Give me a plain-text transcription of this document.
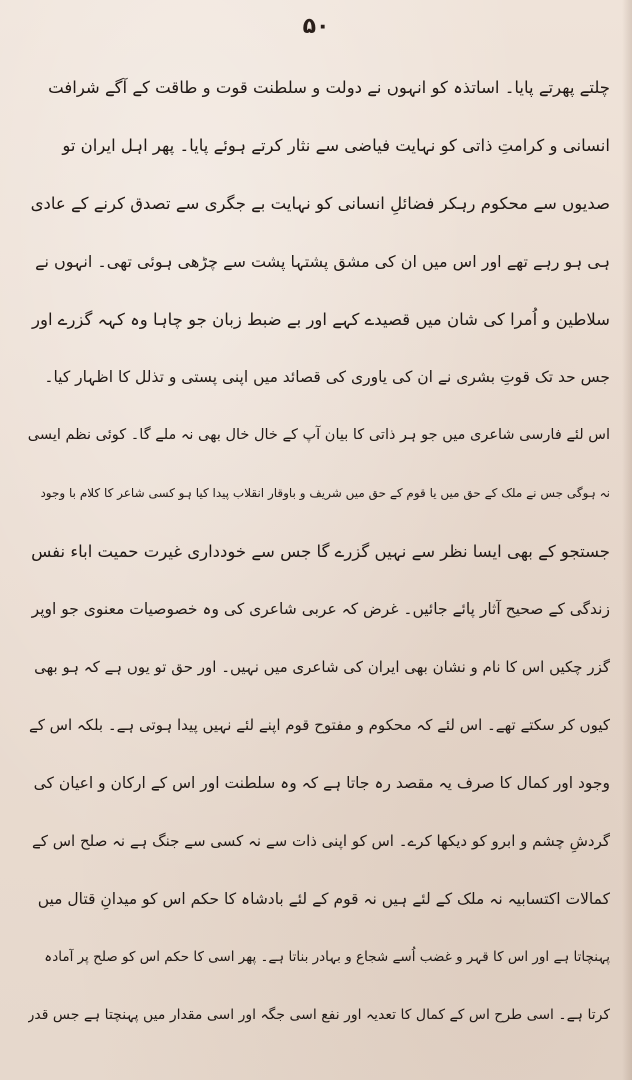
۵۰
چلتے پھرتے پایا۔ اساتذہ کو انہوں نے دولت و سلطنت قوت و طاقت کے آگے شرافت
انسانی و کرامتِ ذاتی کو نہایت فیاضی سے نثار کرتے ہوئے پایا۔ پھر اہل ایران تو
صدیوں سے محکوم رہکر فضائلِ انسانی کو نہایت بے جگری سے تصدق کرنے کے عادی
ہی ہو رہے تھے اور اس میں ان کی مشق پشتہا پشت سے چڑھی ہوئی تھی۔ انہوں نے
سلاطین و اُمرا کی شان میں قصیدے کہے اور بے ضبط زبان جو چاہا وہ کہہ گزرے اور
جس حد تک قوتِ بشری نے ان کی یاوری کی قصائد میں اپنی پستی و تذلل کا اظہار کیا۔
اس لئے فارسی شاعری میں جو ہر ذاتی کا بیان آپ کے خال خال بھی نہ ملے گا۔ کوئی نظم ایسی
نہ ہوگی جس نے ملک کے حق میں یا قوم کے حق میں شریف و باوقار انقلاب پیدا کیا ہو کسی شاعر کا کلام با وجود
جستجو کے بھی ایسا نظر سے نہیں گزرے گا جس سے خودداری غیرت حمیت اباء نفس
زندگی کے صحیح آثار پائے جائیں۔ غرض کہ عربی شاعری کی وہ خصوصیات معنوی جو اوپر
گزر چکیں اس کا نام و نشان بھی ایران کی شاعری میں نہیں۔ اور حق تو یوں ہے کہ ہو بھی
کیوں کر سکتے تھے۔ اس لئے کہ محکوم و مفتوح قوم اپنے لئے نہیں پیدا ہوتی ہے۔ بلکہ اس کے
وجود اور کمال کا صرف یہ مقصد رہ جاتا ہے کہ وہ سلطنت اور اس کے ارکان و اعیان کی
گردشِ چشم و ابرو کو دیکھا کرے۔ اس کو اپنی ذات سے نہ کسی سے جنگ ہے نہ صلح اس کے
کمالات اکتسابیہ نہ ملک کے لئے ہیں نہ قوم کے لئے بادشاہ کا حکم اس کو میدانِ قتال میں
پہنچاتا ہے اور اس کا قہر و غضب اُسے شجاع و بہادر بناتا ہے۔ پھر اسی کا حکم اس کو صلح پر آمادہ
کرتا ہے۔ اسی طرح اس کے کمال کا تعدیہ اور نفع اسی جگہ اور اسی مقدار میں پہنچتا ہے جس قدر
